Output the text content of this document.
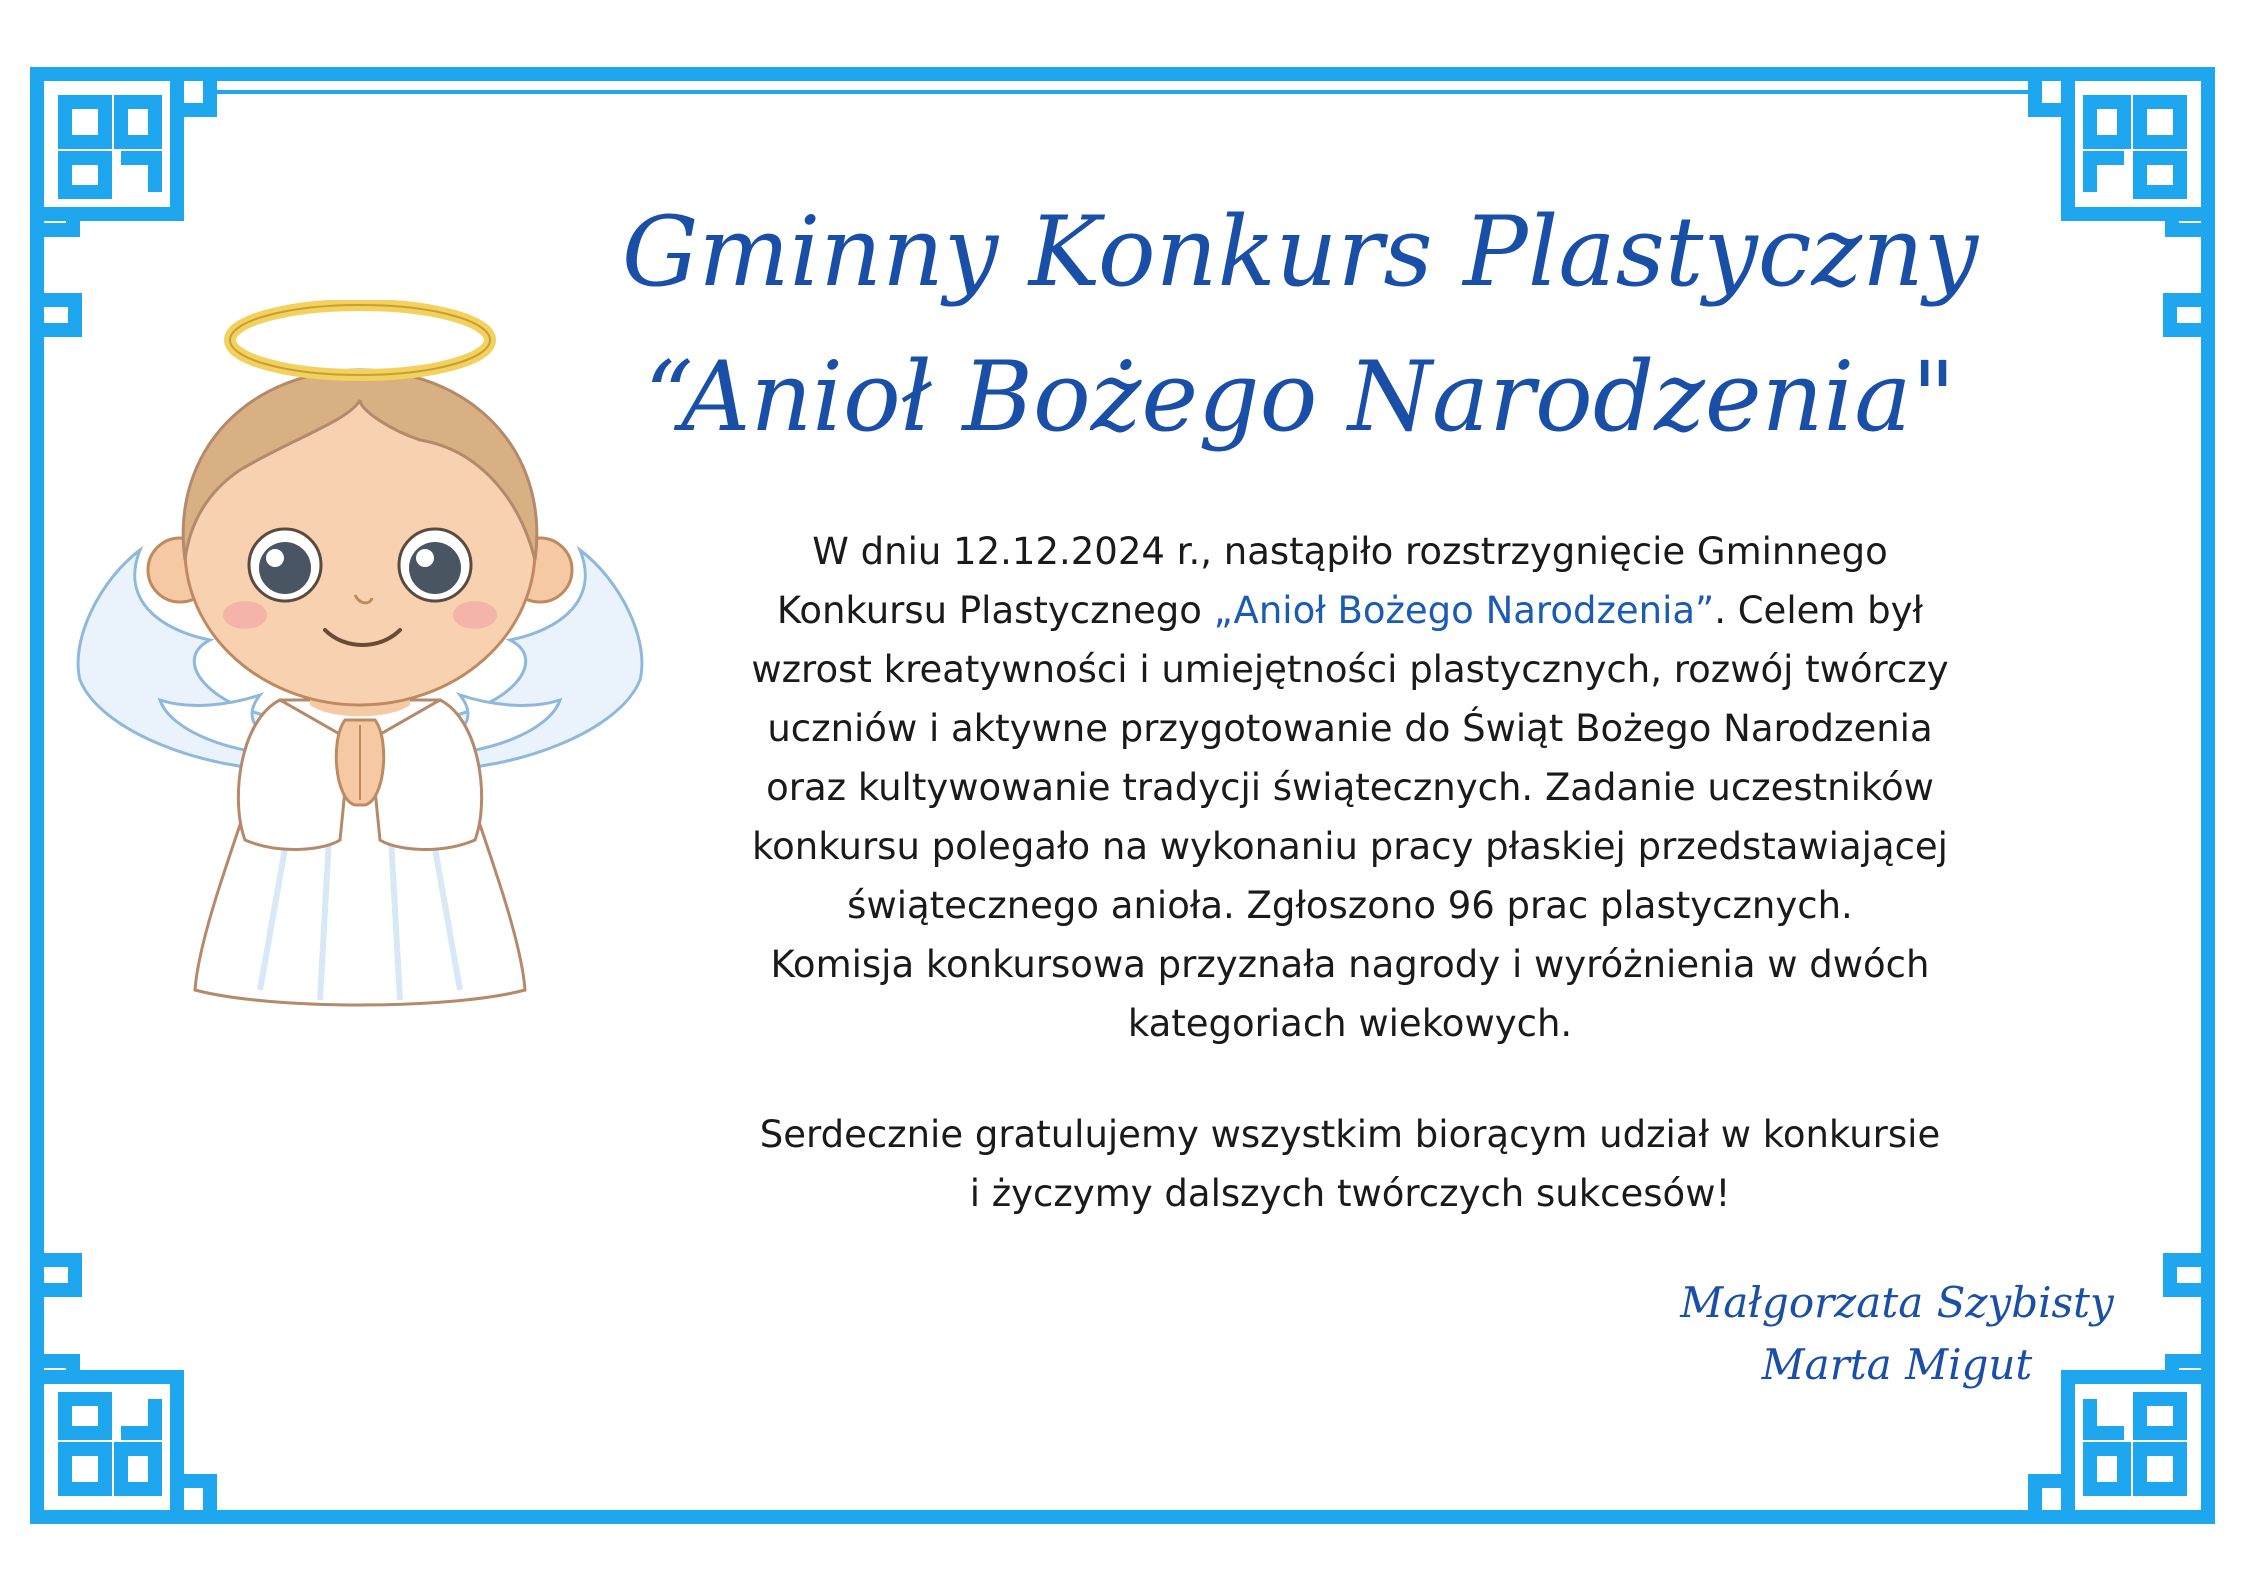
Gminny Konkurs Plastyczny
“Anioł Bożego Narodzenia"

W dniu 12.12.2024 r., nastąpiło rozstrzygnięcie Gminnego

Konkursu Plastycznego „Anioł Bożego Narodzenia”. Celem był

wzrost kreatywności i umiejętności plastycznych, rozwój twórczy

uczniów i aktywne przygotowanie do Świąt Bożego Narodzenia

oraz kultywowanie tradycji świątecznych. Zadanie uczestników

konkursu polegało na wykonaniu pracy płaskiej przedstawiającej

świątecznego anioła. Zgłoszono 96 prac plastycznych.

Komisja konkursowa przyznała nagrody i wyróżnienia w dwóch

kategoriach wiekowych.

Serdecznie gratulujemy wszystkim biorącym udział w konkursie

i życzymy dalszych twórczych sukcesów!

Małgorzata Szybisty
Marta Migut
